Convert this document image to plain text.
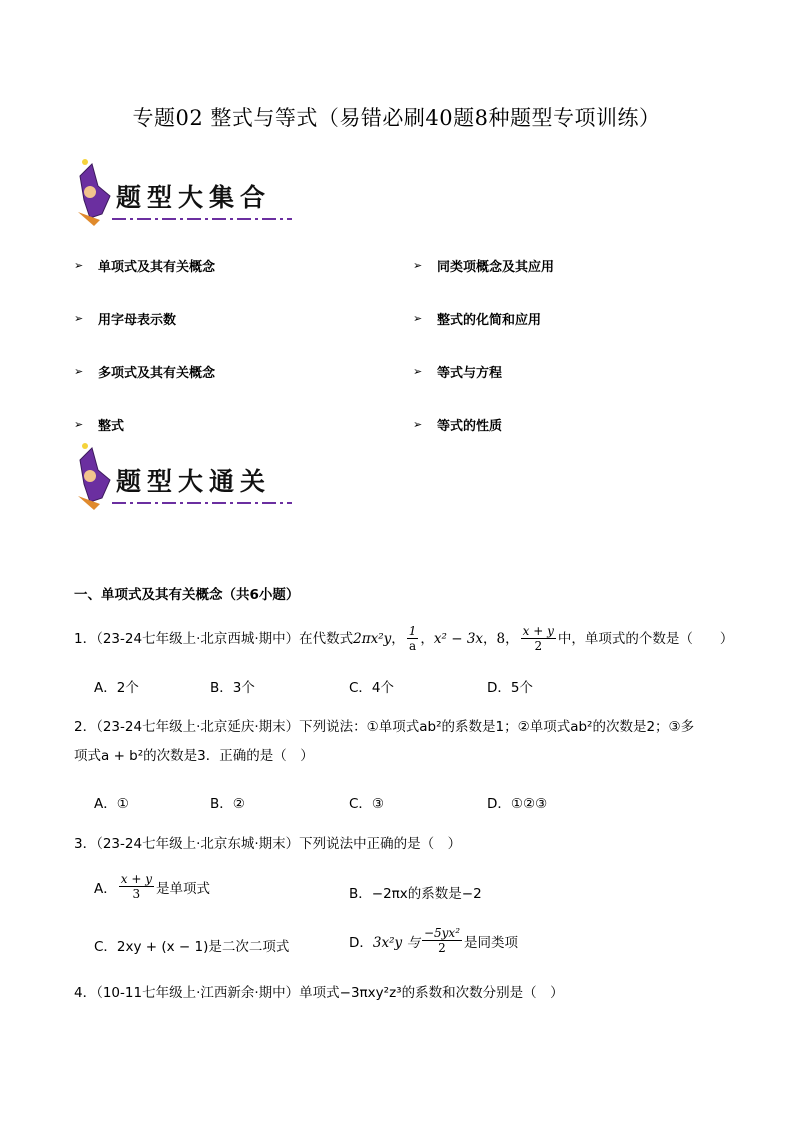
专题02 整式与等式（易错必刷40题8种题型专项训练）
题型大集合
➢	单项式及其有关概念
➢	用字母表示数
➢	多项式及其有关概念
➢	整式
➢	同类项概念及其应用
➢	整式的化简和应用
➢	等式与方程
➢	等式的性质
题型大通关
一、单项式及其有关概念（共6小题）
1．（23-24七年级上·北京西城·期中）在代数式 2πx²y ， $\frac{1}{a}$ ， x² − 3x ， 8 ， $\frac{x + y}{2}$ 中，单项式的个数是（　　）
A．2个	B．3个	C．4个	D．5个
2．（23-24七年级上·北京延庆·期末）下列说法：①单项式ab²的系数是1；②单项式ab²的次数是2；③多
项式a + b²的次数是3．正确的是（　）
A．①	B．②	C．③	D．①②③
3．（23-24七年级上·北京东城·期末）下列说法中正确的是（　）
A． $\frac{x + y}{3}$ 是单项式	B．−2πx的系数是−2
C．2xy + (x − 1)是二次二项式	D． 3x²y 与 $\frac{\text{−5yx²}}{2}$ 是同类项
4．（10-11七年级上·江西新余·期中）单项式−3πxy²z³的系数和次数分别是（　）
